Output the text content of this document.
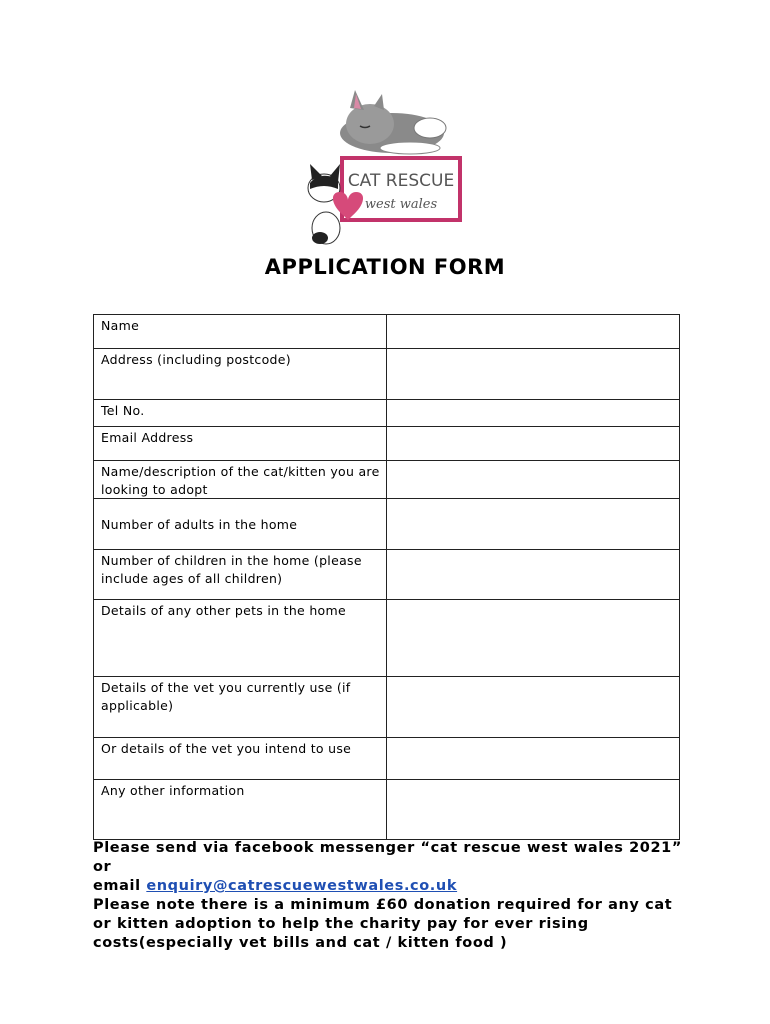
CAT RESCUE
west wales
APPLICATION FORM
Name	
Address (including postcode)	
Tel No.	
Email Address	
Name/description of the cat/kitten you are looking to adopt	
Number of adults in the home	
Number of children in the home (please include ages of all children)	
Details of any other pets in the home	
Details of the vet you currently use (if applicable)	
Or details of the vet you intend to use	
Any other information	
Please send via facebook messenger “cat rescue west wales 2021” or
email enquiry@catrescuewestwales.co.uk
Please note there is a minimum £60 donation required for any cat or kitten adoption to help the charity pay for ever rising costs(especially vet bills and cat / kitten food )
